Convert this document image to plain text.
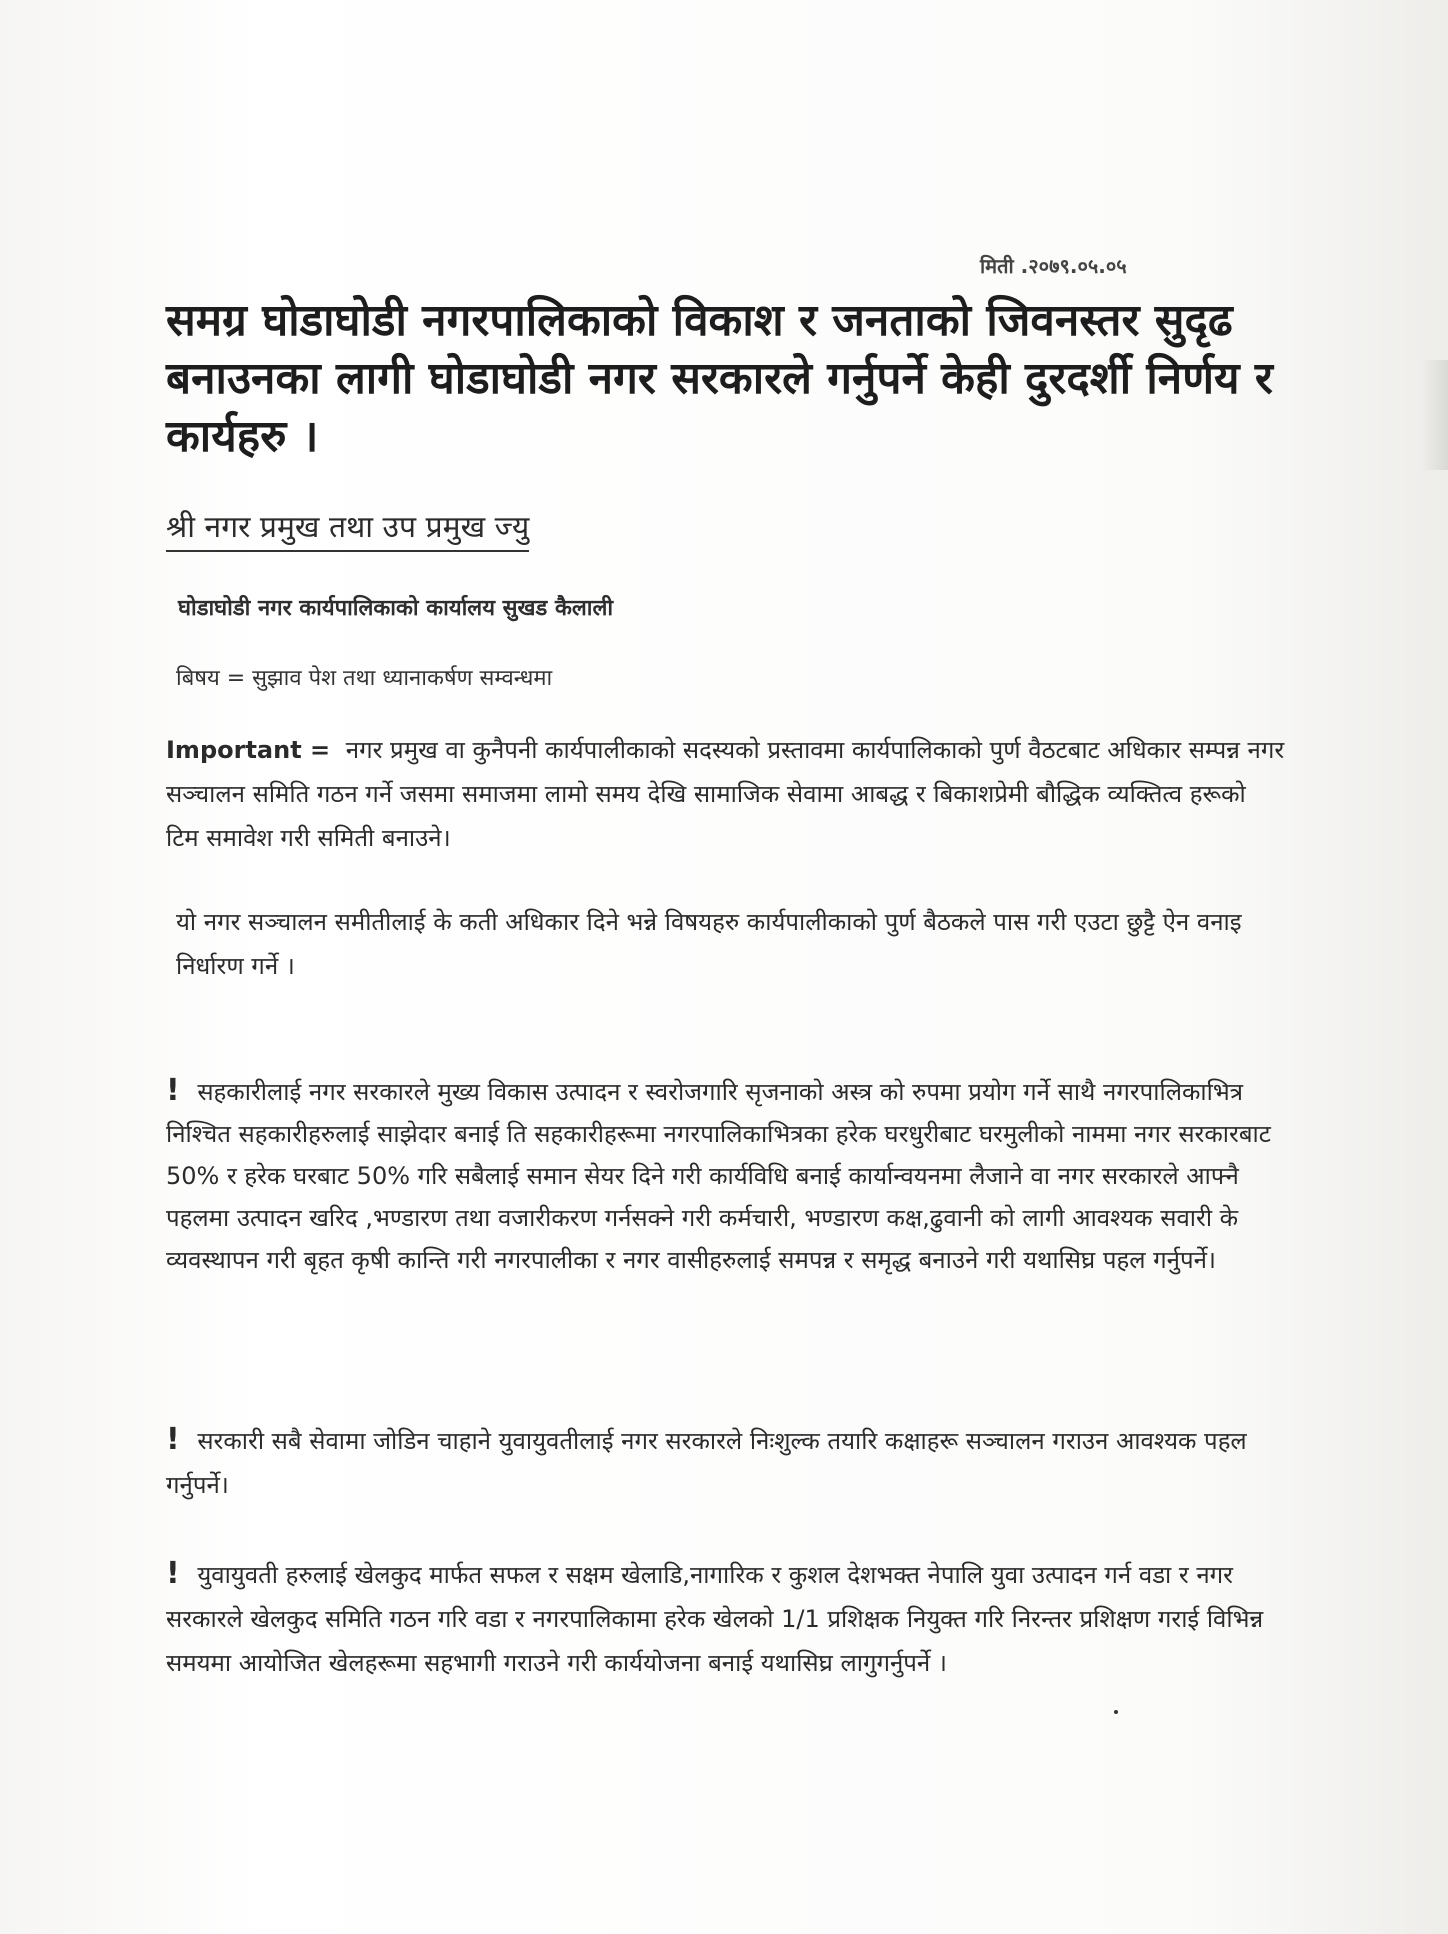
मिती .२०७९.०५.०५
समग्र घोडाघोडी नगरपालिकाको विकाश र जनताको जिवनस्तर सुदृढ बनाउनका लागी घोडाघोडी नगर सरकारले गर्नुपर्ने केही दुरदर्शी निर्णय र कार्यहरु ।
श्री नगर प्रमुख तथा उप प्रमुख ज्यु
घोडाघोडी नगर कार्यपालिकाको कार्यालय सुखड कैलाली
बिषय = सुझाव पेश तथा ध्यानाकर्षण सम्वन्धमा
Important = नगर प्रमुख वा कुनैपनी कार्यपालीकाको सदस्यको प्रस्तावमा कार्यपालिकाको पुर्ण वैठटबाट अधिकार सम्पन्न नगर सञ्चालन समिति गठन गर्ने जसमा समाजमा लामो समय देखि सामाजिक सेवामा आबद्ध र बिकाशप्रेमी बौद्धिक व्यक्तित्व हरूको टिम समावेश गरी समिती बनाउने।
यो नगर सञ्चालन समीतीलाई के कती अधिकार दिने भन्ने विषयहरु कार्यपालीकाको पुर्ण बैठकले पास गरी एउटा छुट्टै ऐन वनाइ निर्धारण गर्ने ।
! सहकारीलाई नगर सरकारले मुख्य विकास उत्पादन र स्वरोजगारि सृजनाको अस्त्र को रुपमा प्रयोग गर्ने साथै नगरपालिकाभित्र निश्चित सहकारीहरुलाई साझेदार बनाई ति सहकारीहरूमा नगरपालिकाभित्रका हरेक घरधुरीबाट घरमुलीको नाममा नगर सरकारबाट 50% र हरेक घरबाट 50% गरि सबैलाई समान सेयर दिने गरी कार्यविधि बनाई कार्यान्वयनमा लैजाने वा नगर सरकारले आफ्नै पहलमा उत्पादन खरिद ,भण्डारण तथा वजारीकरण गर्नसक्ने गरी कर्मचारी, भण्डारण कक्ष,ढुवानी को लागी आवश्यक सवारी के व्यवस्थापन गरी बृहत कृषी कान्ति गरी नगरपालीका र नगर वासीहरुलाई समपन्न र समृद्ध बनाउने गरी यथासिघ्र पहल गर्नुपर्ने।
! सरकारी सबै सेवामा जोडिन चाहाने युवायुवतीलाई नगर सरकारले निःशुल्क तयारि कक्षाहरू सञ्चालन गराउन आवश्यक पहल गर्नुपर्ने।
! युवायुवती हरुलाई खेलकुद मार्फत सफल र सक्षम खेलाडि,नागारिक र कुशल देशभक्त नेपालि युवा उत्पादन गर्न वडा र नगर सरकारले खेलकुद समिति गठन गरि वडा र नगरपालिकामा हरेक खेलको 1/1 प्रशिक्षक नियुक्त गरि निरन्तर प्रशिक्षण गराई विभिन्न समयमा आयोजित खेलहरूमा सहभागी गराउने गरी कार्ययोजना बनाई यथासिघ्र लागुगर्नुपर्ने ।
